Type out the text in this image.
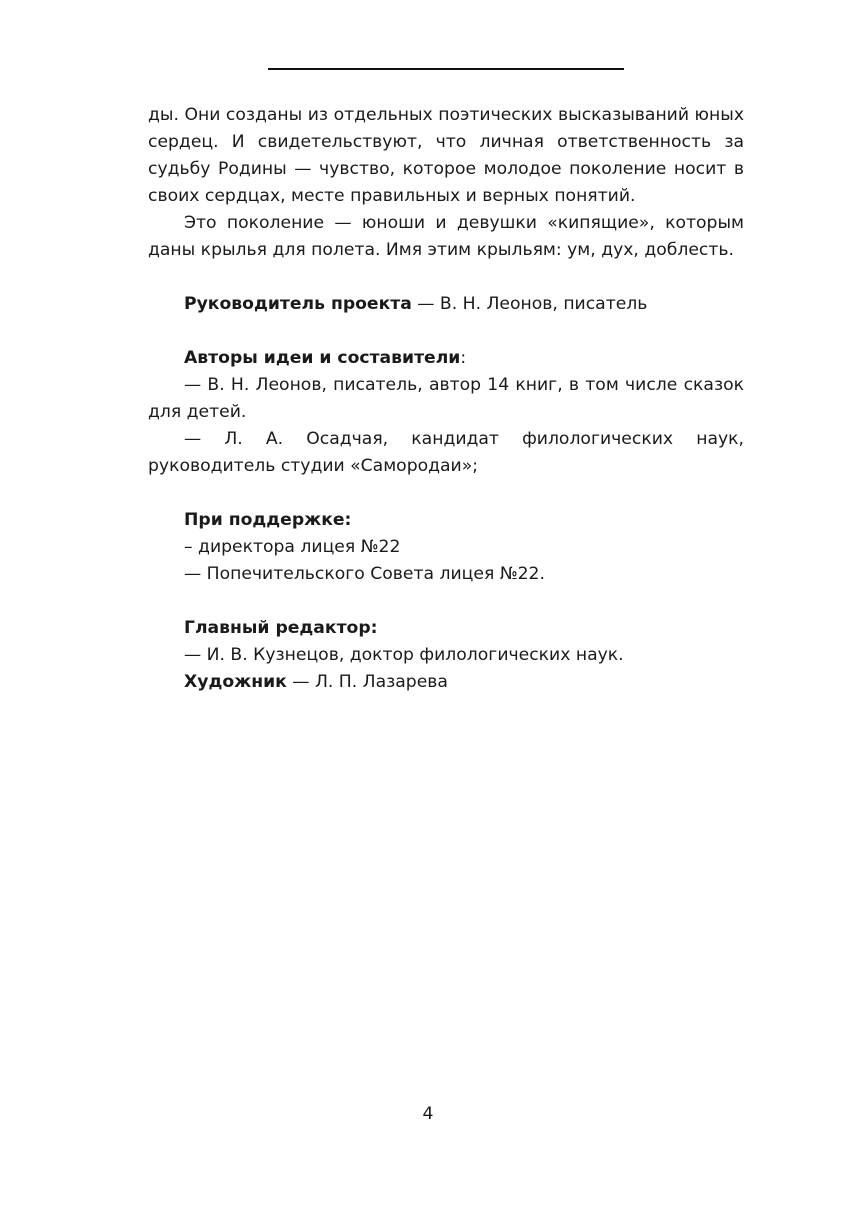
ды. Они созданы из отдельных поэтических высказываний юных сердец. И свидетельствуют, что личная ответственность за судьбу Родины — чувство, которое молодое поколение носит в своих сердцах, месте правильных и верных понятий.

Это поколение — юноши и девушки «кипящие», которым даны крылья для полета. Имя этим крыльям: ум, дух, доблесть.

Руководитель проекта — В. Н. Леонов, писатель

Авторы идеи и составители:

— В. Н. Леонов, писатель, автор 14 книг, в том числе сказок для детей.

— Л. А. Осадчая, кандидат филологических наук, руководитель студии «Самородаи»;

При поддержке:

– директора лицея №22

— Попечительского Совета лицея №22.

Главный редактор:

— И. В. Кузнецов, доктор филологических наук.

Художник — Л. П. Лазарева

4
